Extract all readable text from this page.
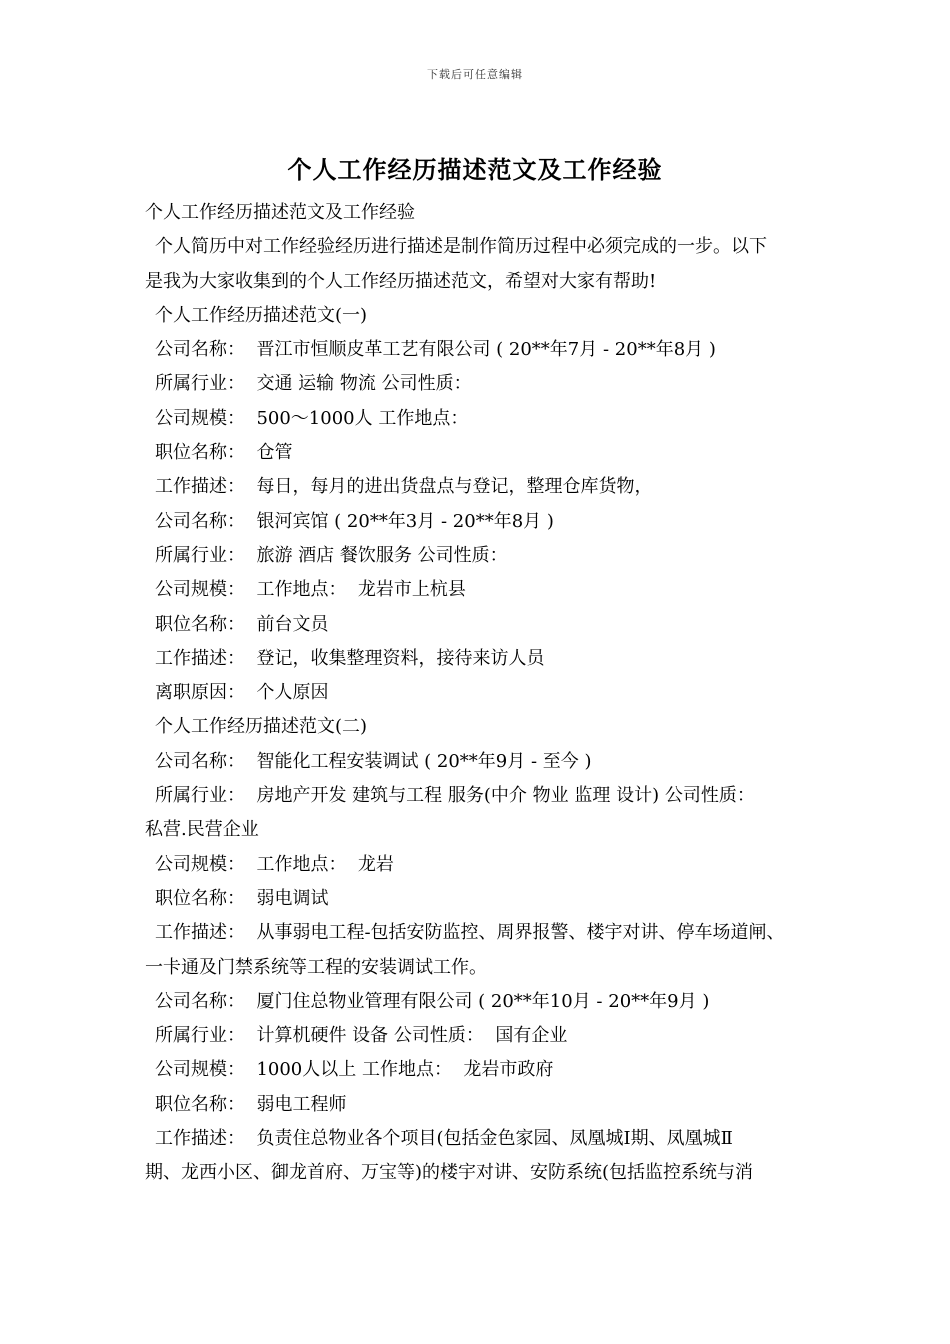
下载后可任意编辑
个人工作经历描述范文及工作经验
个人工作经历描述范文及工作经验
个人简历中对工作经验经历进行描述是制作简历过程中必须完成的一步。以下
是我为大家收集到的个人工作经历描述范文，希望对大家有帮助!
个人工作经历描述范文(一)
公司名称：  晋江市恒顺皮革工艺有限公司 ( 20**年7月 - 20**年8月 )
所属行业：  交通 运输 物流 公司性质：
公司规模：  500～1000人 工作地点：
职位名称：  仓管
工作描述：  每日，每月的进出货盘点与登记，整理仓库货物，
公司名称：  银河宾馆 ( 20**年3月 - 20**年8月 )
所属行业：  旅游 酒店 餐饮服务 公司性质：
公司规模：  工作地点：  龙岩市上杭县
职位名称：  前台文员
工作描述：  登记，收集整理资料，接待来访人员
离职原因：  个人原因
个人工作经历描述范文(二)
公司名称：  智能化工程安装调试 ( 20**年9月 - 至今 )
所属行业：  房地产开发 建筑与工程 服务(中介 物业 监理 设计) 公司性质：
私营.民营企业
公司规模：  工作地点：  龙岩
职位名称：  弱电调试
工作描述：  从事弱电工程-包括安防监控、周界报警、楼宇对讲、停车场道闸、
一卡通及门禁系统等工程的安装调试工作。
公司名称：  厦门住总物业管理有限公司 ( 20**年10月 - 20**年9月 )
所属行业：  计算机硬件 设备 公司性质：  国有企业
公司规模：  1000人以上 工作地点：  龙岩市政府
职位名称：  弱电工程师
工作描述：  负责住总物业各个项目(包括金色家园、凤凰城Ⅰ期、凤凰城Ⅱ
期、龙西小区、御龙首府、万宝等)的楼宇对讲、安防系统(包括监控系统与消
